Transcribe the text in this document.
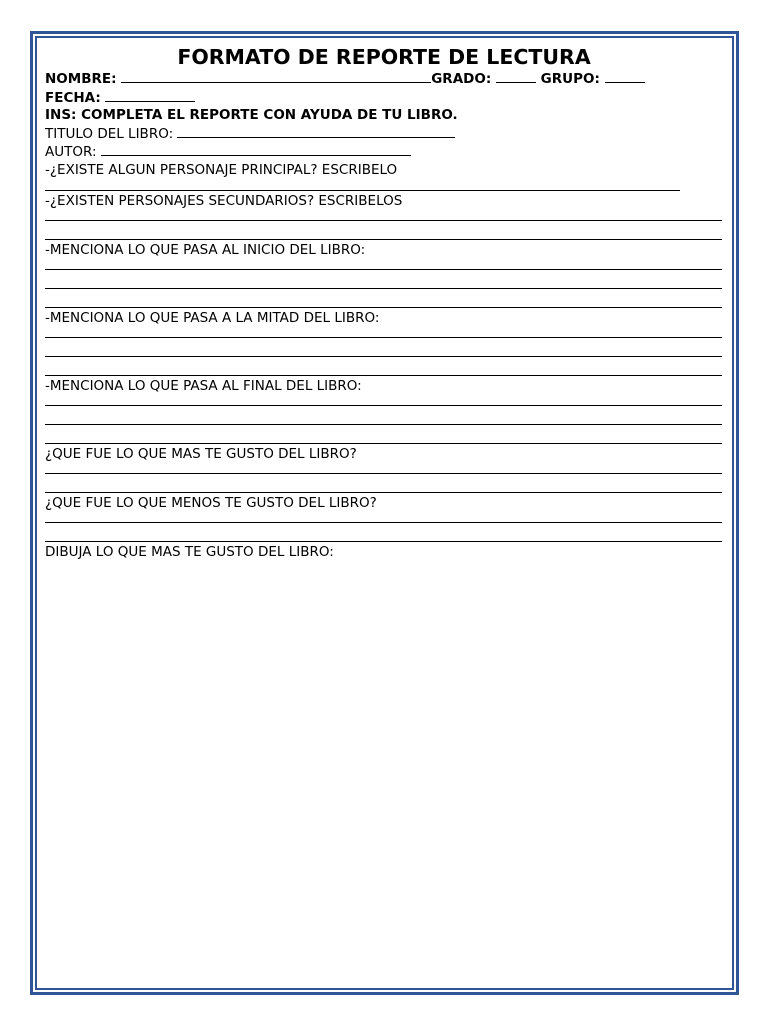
FORMATO DE REPORTE DE LECTURA
NOMBRE:	GRADO:	GRUPO:
FECHA:
INS: COMPLETA EL REPORTE CON AYUDA DE TU LIBRO.
TITULO DEL LIBRO:
AUTOR:
-¿EXISTE ALGUN PERSONAJE PRINCIPAL? ESCRIBELO
-¿EXISTEN PERSONAJES SECUNDARIOS? ESCRIBELOS
-MENCIONA LO QUE PASA AL INICIO DEL LIBRO:
-MENCIONA LO QUE PASA A LA MITAD DEL LIBRO:
-MENCIONA LO QUE PASA AL FINAL DEL LIBRO:
¿QUE FUE LO QUE MAS TE GUSTO DEL LIBRO?
¿QUE FUE LO QUE MENOS TE GUSTO DEL LIBRO?
DIBUJA LO QUE MAS TE GUSTO DEL LIBRO:
